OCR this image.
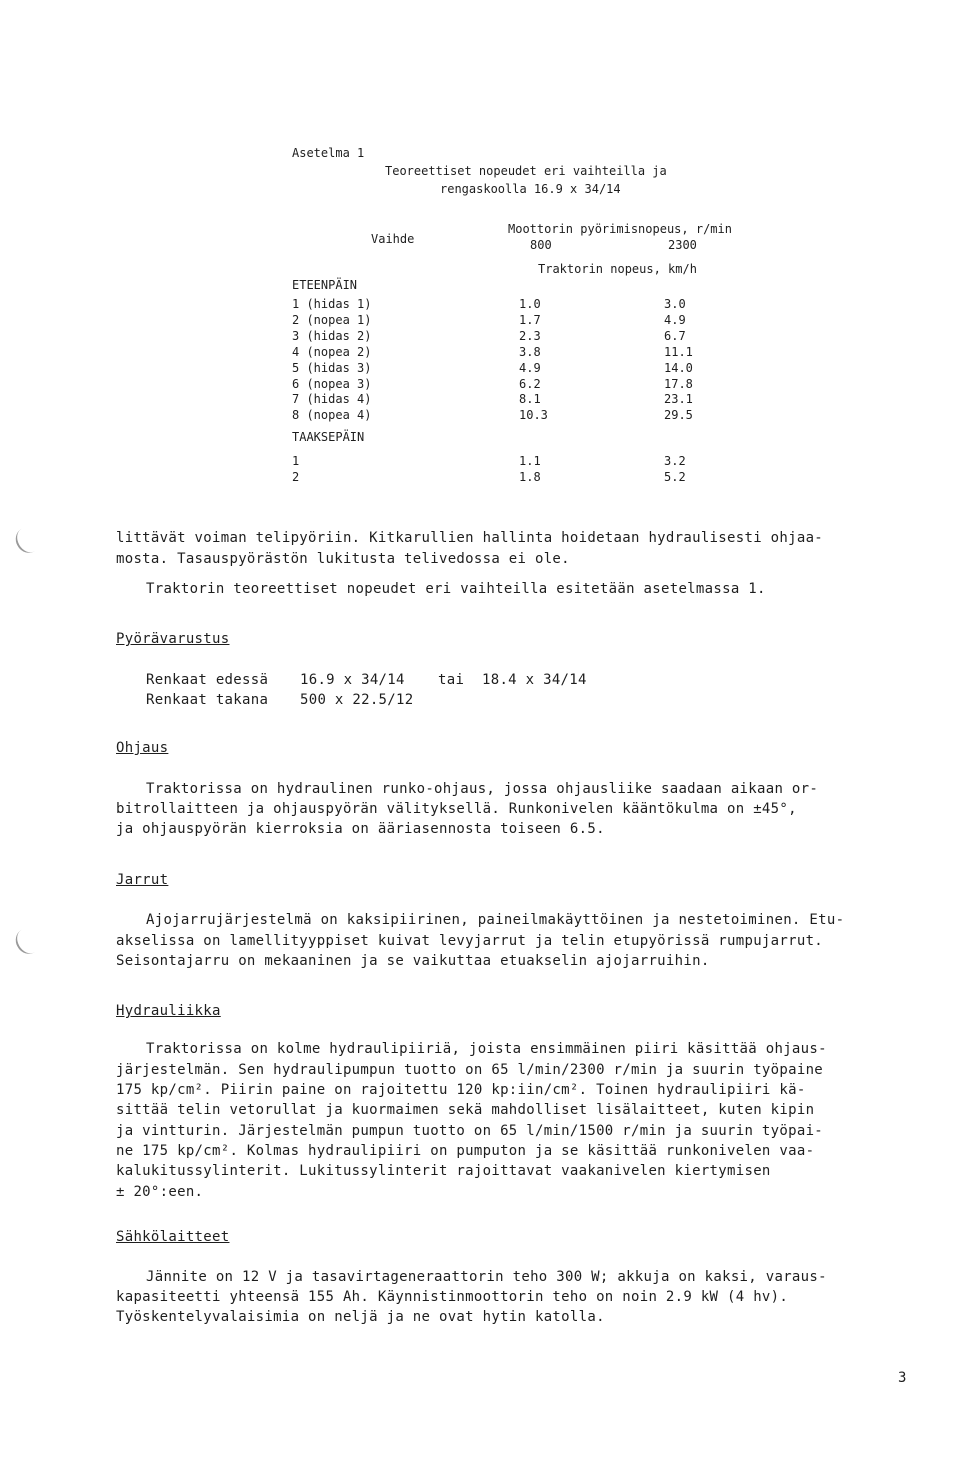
Asetelma 1
Teoreettiset nopeudet eri vaihteilla ja
rengaskoolla 16.9 x 34/14
Vaihde
Moottorin pyörimisnopeus, r/min
800	2300
Traktorin nopeus, km/h
ETEENPÄIN
1 (hidas 1)	1.0	3.0
2 (nopea 1)	1.7	4.9
3 (hidas 2)	2.3	6.7
4 (nopea 2)	3.8	11.1
5 (hidas 3)	4.9	14.0
6 (nopea 3)	6.2	17.8
7 (hidas 4)	8.1	23.1
8 (nopea 4)	10.3	29.5
TAAKSEPÄIN
1	1.1	3.2
2	1.8	5.2
littävät voiman telipyöriin. Kitkarullien hallinta hoidetaan hydraulisesti ohjaa-
mosta. Tasauspyörästön lukitusta telivedossa ei ole.
Traktorin teoreettiset nopeudet eri vaihteilla esitetään asetelmassa 1.
Pyörävarustus
Renkaat edessä 16.9 x 34/14 tai 18.4 x 34/14
Renkaat takana 500 x 22.5/12
Ohjaus
Traktorissa on hydraulinen runko-ohjaus, jossa ohjausliike saadaan aikaan or-
bitrollaitteen ja ohjauspyörän välityksellä. Runkonivelen kääntökulma on ±45°,
ja ohjauspyörän kierroksia on ääriasennosta toiseen 6.5.
Jarrut
Ajojarrujärjestelmä on kaksipiirinen, paineilmakäyttöinen ja nestetoiminen. Etu-
akselissa on lamellityyppiset kuivat levyjarrut ja telin etupyörissä rumpujarrut.
Seisontajarru on mekaaninen ja se vaikuttaa etuakselin ajojarruihin.
Hydrauliikka
Traktorissa on kolme hydraulipiiriä, joista ensimmäinen piiri käsittää ohjaus-
järjestelmän. Sen hydraulipumpun tuotto on 65 l/min/2300 r/min ja suurin työpaine
175 kp/cm². Piirin paine on rajoitettu 120 kp:iin/cm². Toinen hydraulipiiri kä-
sittää telin vetorullat ja kuormaimen sekä mahdolliset lisälaitteet, kuten kipin
ja vintturin. Järjestelmän pumpun tuotto on 65 l/min/1500 r/min ja suurin työpai-
ne 175 kp/cm². Kolmas hydraulipiiri on pumputon ja se käsittää runkonivelen vaa-
kalukitussylinterit. Lukitussylinterit rajoittavat vaakanivelen kiertymisen
± 20°:een.
Sähkölaitteet
Jännite on 12 V ja tasavirtageneraattorin teho 300 W; akkuja on kaksi, varaus-
kapasiteetti yhteensä 155 Ah. Käynnistinmoottorin teho on noin 2.9 kW (4 hv).
Työskentelyvalaisimia on neljä ja ne ovat hytin katolla.
3
